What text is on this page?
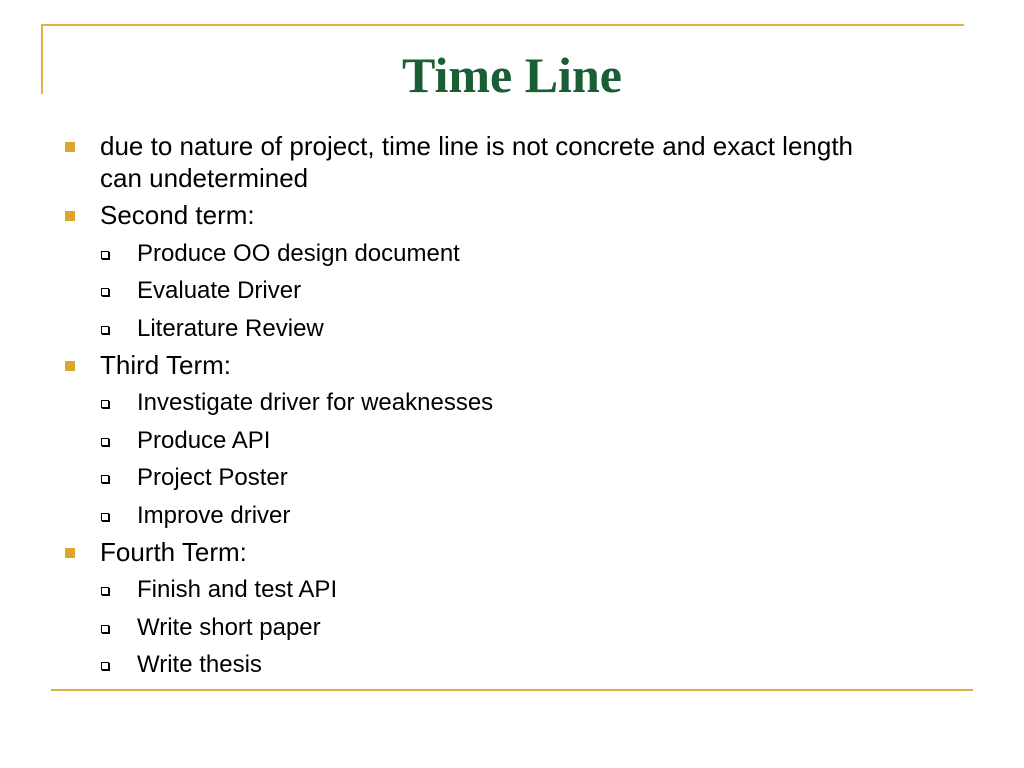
Time Line
due to nature of project, time line is not concrete and exact length can undetermined
Second term:
Produce OO design document
Evaluate Driver
Literature Review
Third Term:
Investigate driver for weaknesses
Produce API
Project Poster
Improve driver
Fourth Term:
Finish and test API
Write short paper
Write thesis
